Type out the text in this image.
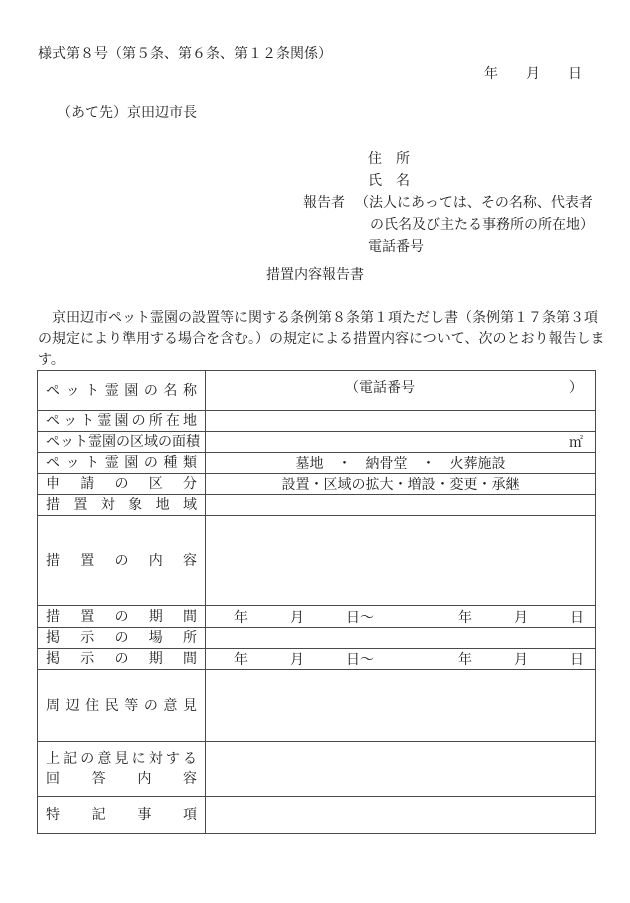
様式第８号（第５条、第６条、第１２条関係）
年　　月　　日
（あて先）京田辺市長
報告者
住　所
氏　名
（法人にあっては、その名称、代表者
の氏名及び主たる事務所の所在地）
電話番号
措置内容報告書
　京田辺市ペット霊園の設置等に関する条例第８条第１項ただし書（条例第１７条第３項
の規定により準用する場合を含む。）の規定による措置内容について、次のとおり報告しま
す。
ペ ッ ト 霊 園 の 名 称	（電話番号	）

ペ ッ ト 霊 園 の 所 在 地

ペ ッ ト 霊 園 の 区 域 の 面 積	㎡

ペ ッ ト 霊 園 の 種 類	墓地　・　納骨堂　・　火葬施設

申 請 の 区 分	設置・区域の拡大・増設・変更・承継

措 置 対 象 地 域

措 置 の 内 容	

措 置 の 期 間	年　　　月　　　日～　　　　　　年　　　月　　　日

掲 示 の 場 所	

掲 示 の 期 間	年　　　月　　　日～　　　　　　年　　　月　　　日

周 辺 住 民 等 の 意 見

上 記 の 意 見 に 対 す る
回 答 内 容

特 記 事 項	
